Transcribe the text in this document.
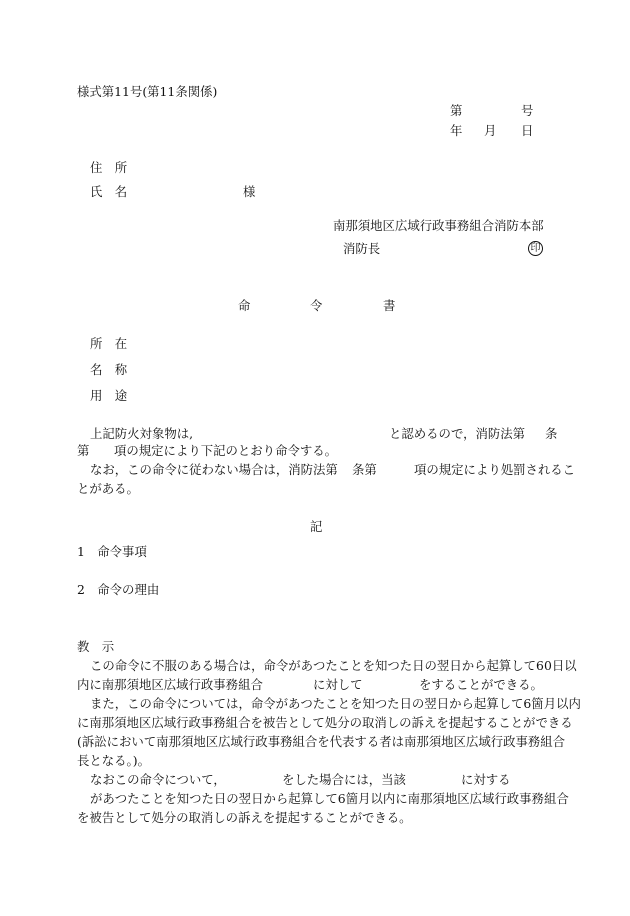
様式第11号(第11条関係)
第	号
年 月 日
住　所
氏　名	様
南那須地区広域行政事務組合消防本部
消防長	印
命	令	書
所　在
名　称
用　途
上記防火対象物は,	と認めるので，消防法第 条
第 項の規定により下記のとおり命令する。
なお，この命令に従わない場合は，消防法第 条第	項の規定により処罰されるこ
とがある。
記
1　命令事項
2　命令の理由
教　示
この命令に不服のある場合は，命令があつたことを知つた日の翌日から起算して60日以
内に南那須地区広域行政事務組合	に対して	をすることができる。
また，この命令については，命令があつたことを知つた日の翌日から起算して6箇月以内
に南那須地区広域行政事務組合を被告として処分の取消しの訴えを提起することができる
(訴訟において南那須地区広域行政事務組合を代表する者は南那須地区広域行政事務組合
長となる。)。
なおこの命令について，	をした場合には，当該	に対する
があつたことを知つた日の翌日から起算して6箇月以内に南那須地区広域行政事務組合
を被告として処分の取消しの訴えを提起することができる。
